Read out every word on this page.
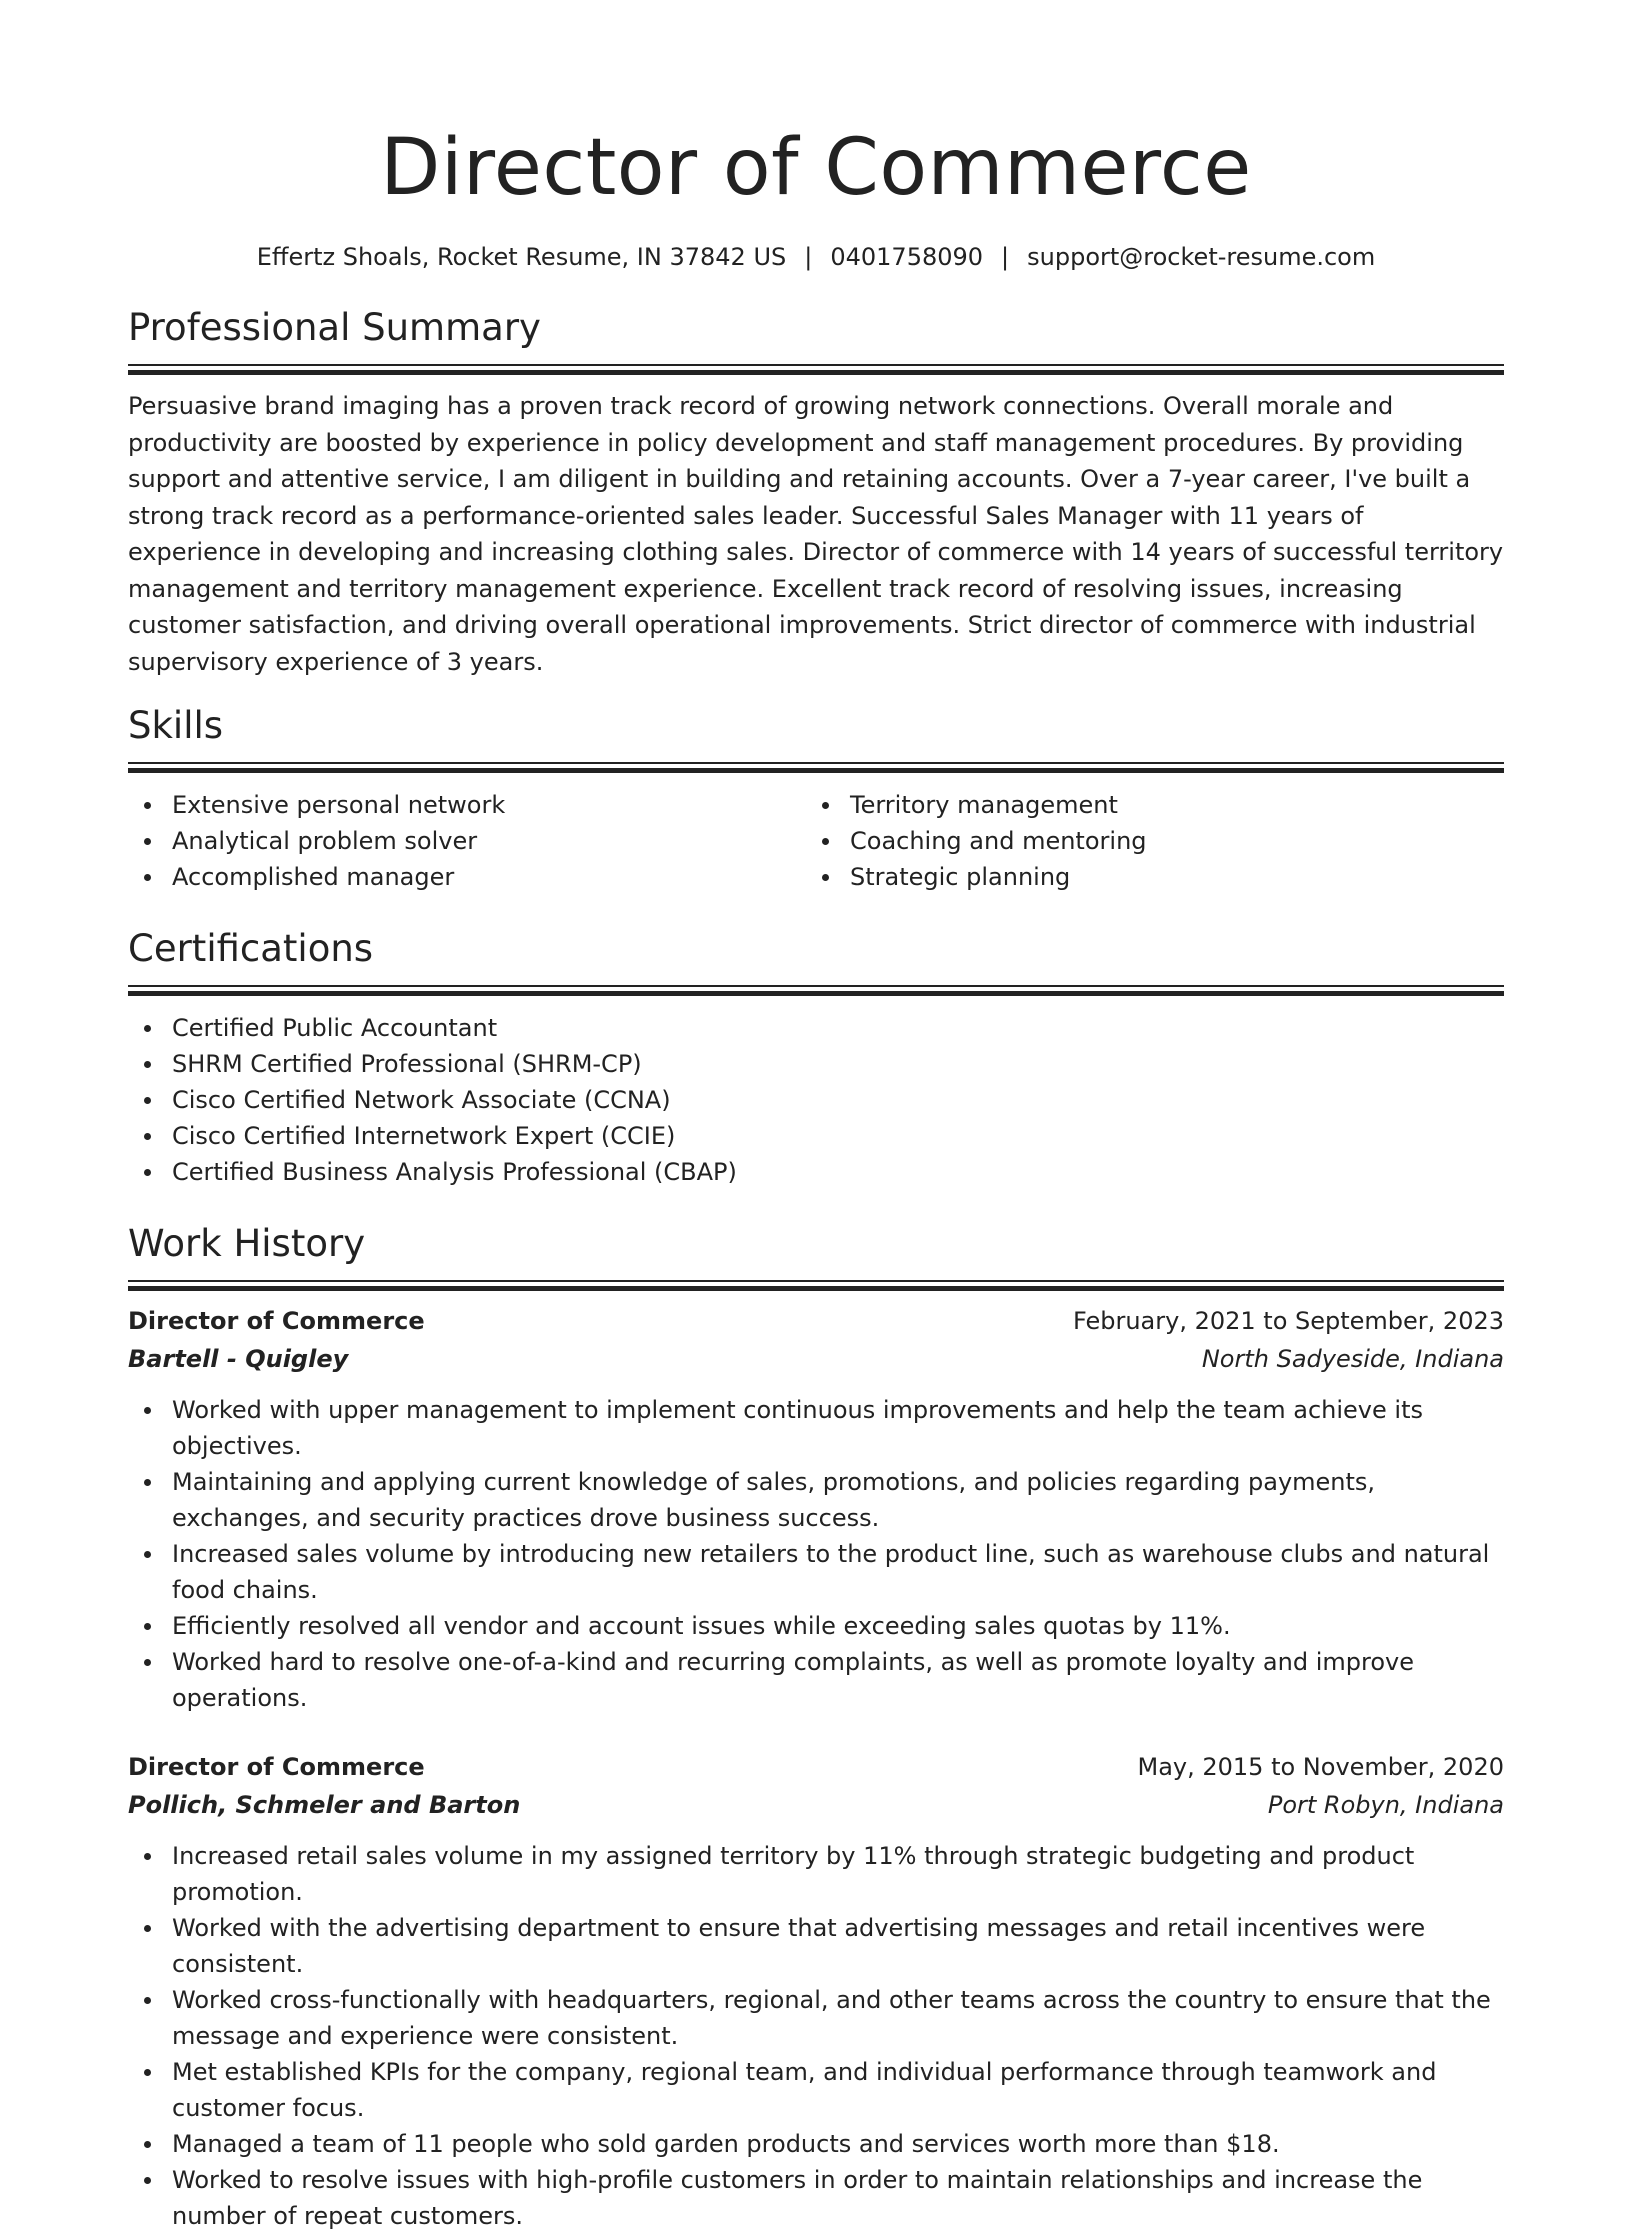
Director of Commerce
Effertz Shoals, Rocket Resume, IN 37842 US | 0401758090 | support@rocket-resume.com
Professional Summary

Persuasive brand imaging has a proven track record of growing network connections. Overall morale and productivity are boosted by experience in policy development and staff management procedures. By providing support and attentive service, I am diligent in building and retaining accounts. Over a 7-year career, I've built a strong track record as a performance-oriented sales leader. Successful Sales Manager with 11 years of experience in developing and increasing clothing sales. Director of commerce with 14 years of successful territory management and territory management experience. Excellent track record of resolving issues, increasing customer satisfaction, and driving overall operational improvements. Strict director of commerce with industrial supervisory experience of 3 years.

Skills
Extensive personal network
Analytical problem solver
Accomplished manager
Territory management
Coaching and mentoring
Strategic planning
Certifications
Certified Public Accountant
SHRM Certified Professional (SHRM-CP)
Cisco Certified Network Associate (CCNA)
Cisco Certified Internetwork Expert (CCIE)
Certified Business Analysis Professional (CBAP)
Work History
Director of Commerce	February, 2021 to September, 2023
Bartell - Quigley	North Sadyeside, Indiana
Worked with upper management to implement continuous improvements and help the team achieve its objectives.
Maintaining and applying current knowledge of sales, promotions, and policies regarding payments, exchanges, and security practices drove business success.
Increased sales volume by introducing new retailers to the product line, such as warehouse clubs and natural food chains.
Efficiently resolved all vendor and account issues while exceeding sales quotas by 11%.
Worked hard to resolve one-of-a-kind and recurring complaints, as well as promote loyalty and improve operations.
Director of Commerce	May, 2015 to November, 2020
Pollich, Schmeler and Barton	Port Robyn, Indiana
Increased retail sales volume in my assigned territory by 11% through strategic budgeting and product promotion.
Worked with the advertising department to ensure that advertising messages and retail incentives were consistent.
Worked cross-functionally with headquarters, regional, and other teams across the country to ensure that the message and experience were consistent.
Met established KPIs for the company, regional team, and individual performance through teamwork and customer focus.
Managed a team of 11 people who sold garden products and services worth more than $18.
Worked to resolve issues with high-profile customers in order to maintain relationships and increase the number of repeat customers.
